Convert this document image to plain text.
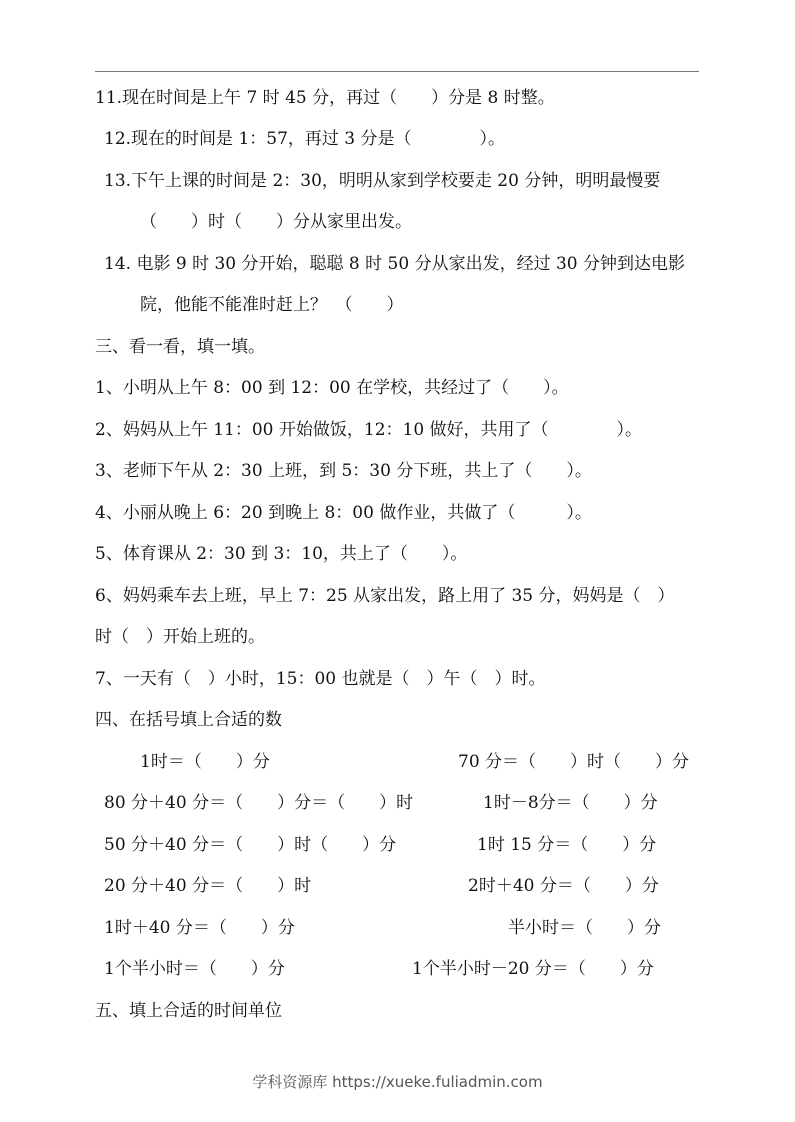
11.现在时间是上午 7 时 45 分，再过（　　）分是 8 时整。
12.现在的时间是 1：57，再过 3 分是（　　　　）。
13.下午上课的时间是 2：30，明明从家到学校要走 20 分钟，明明最慢要
（　　）时（　　）分从家里出发。
14. 电影 9 时 30 分开始，聪聪 8 时 50 分从家出发，经过 30 分钟到达电影
院，他能不能准时赶上？　（　　）
三、看一看，填一填。
1、小明从上午 8：00 到 12：00 在学校，共经过了（　　）。
2、妈妈从上午 11：00 开始做饭，12：10 做好，共用了（　　　　）。
3、老师下午从 2：30 上班，到 5：30 分下班，共上了（　　）。
4、小丽从晚上 6：20 到晚上 8：00 做作业，共做了（　　　）。
5、体育课从 2：30 到 3：10，共上了（　　）。
6、妈妈乘车去上班，早上 7：25 从家出发，路上用了 35 分，妈妈是（　）
时（　）开始上班的。
7、一天有（　）小时，15：00 也就是（　）午（　）时。
四、在括号填上合适的数
1时＝（　　）分	70 分＝（　　）时（　　）分
80 分＋40 分＝（　　）分＝（　　）时	1时－8分＝（　　）分
50 分＋40 分＝（　　）时（　　）分	1时 15 分＝（　　）分
20 分＋40 分＝（　　）时	2时＋40 分＝（　　）分
1时＋40 分＝（　　）分	半小时＝（　　）分
1个半小时＝（　　）分	1个半小时－20 分＝（　　）分
五、填上合适的时间单位
学科资源库 https://xueke.fuliadmin.com
